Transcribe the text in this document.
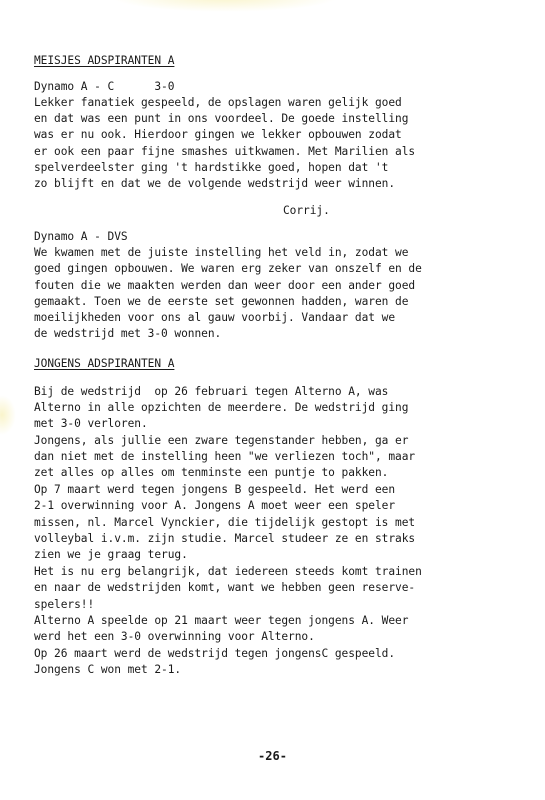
MEISJES ADSPIRANTEN A
Dynamo A - C      3-0
Lekker fanatiek gespeeld, de opslagen waren gelijk goed
en dat was een punt in ons voordeel. De goede instelling
was er nu ook. Hierdoor gingen we lekker opbouwen zodat
er ook een paar fijne smashes uitkwamen. Met Marilien als
spelverdeelster ging 't hardstikke goed, hopen dat 't
zo blijft en dat we de volgende wedstrijd weer winnen.
Corrij.
Dynamo A - DVS
We kwamen met de juiste instelling het veld in, zodat we
goed gingen opbouwen. We waren erg zeker van onszelf en de
fouten die we maakten werden dan weer door een ander goed
gemaakt. Toen we de eerste set gewonnen hadden, waren de
moeilijkheden voor ons al gauw voorbij. Vandaar dat we
de wedstrijd met 3-0 wonnen.
JONGENS ADSPIRANTEN A
Bij de wedstrijd  op 26 februari tegen Alterno A, was
Alterno in alle opzichten de meerdere. De wedstrijd ging
met 3-0 verloren.
Jongens, als jullie een zware tegenstander hebben, ga er
dan niet met de instelling heen "we verliezen toch", maar
zet alles op alles om tenminste een puntje to pakken.
Op 7 maart werd tegen jongens B gespeeld. Het werd een
2-1 overwinning voor A. Jongens A moet weer een speler
missen, nl. Marcel Vynckier, die tijdelijk gestopt is met
volleybal i.v.m. zijn studie. Marcel studeer ze en straks
zien we je graag terug.
Het is nu erg belangrijk, dat iedereen steeds komt trainen
en naar de wedstrijden komt, want we hebben geen reserve-
spelers!!
Alterno A speelde op 21 maart weer tegen jongens A. Weer
werd het een 3-0 overwinning voor Alterno.
Op 26 maart werd de wedstrijd tegen jongensC gespeeld.
Jongens C won met 2-1.
-26-
